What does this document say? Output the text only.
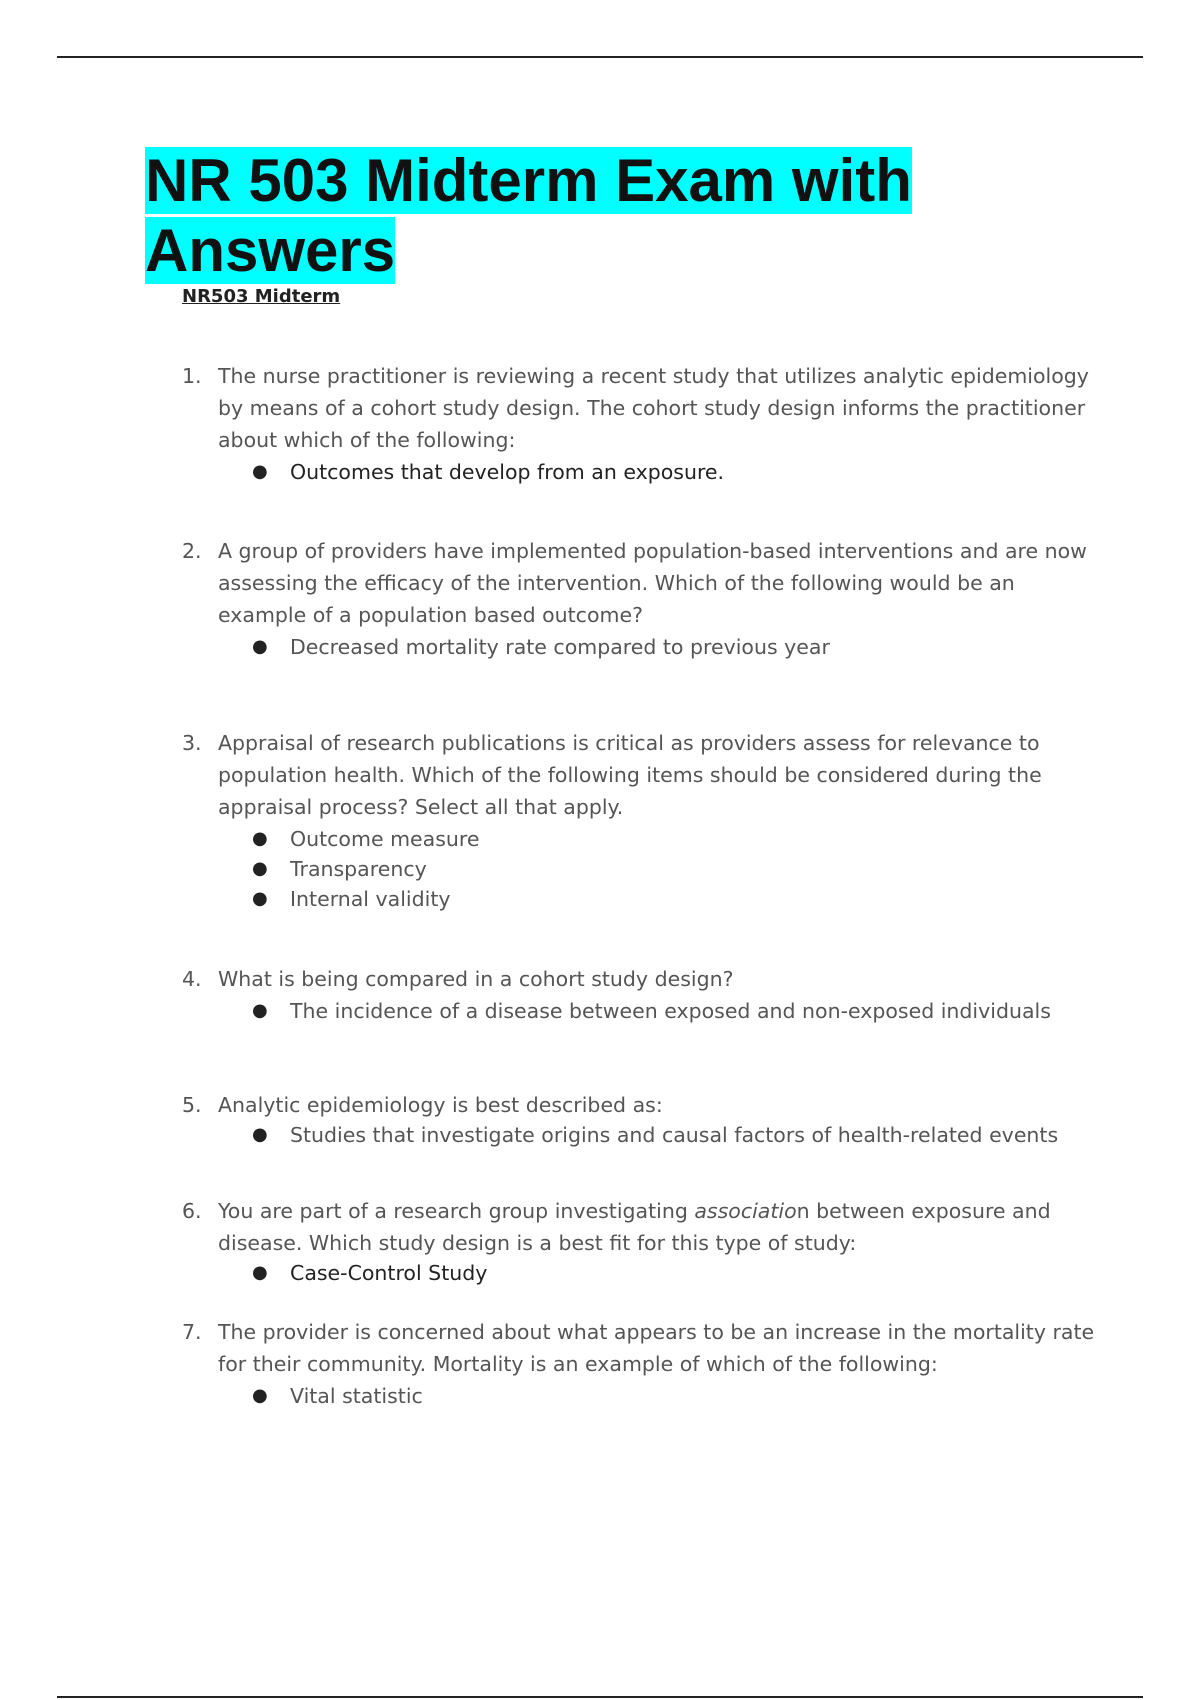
NR 503 Midterm Exam with
Answers
NR503 Midterm
1. The nurse practitioner is reviewing a recent study that utilizes analytic epidemiology by means of a cohort study design. The cohort study design informs the practitioner about which of the following:
● Outcomes that develop from an exposure.
2. A group of providers have implemented population-based interventions and are now assessing the efficacy of the intervention. Which of the following would be an example of a population based outcome?
● Decreased mortality rate compared to previous year
3. Appraisal of research publications is critical as providers assess for relevance to population health. Which of the following items should be considered during the appraisal process? Select all that apply.
● Outcome measure
● Transparency
● Internal validity
4. What is being compared in a cohort study design?
● The incidence of a disease between exposed and non-exposed individuals
5. Analytic epidemiology is best described as:
● Studies that investigate origins and causal factors of health-related events
6. You are part of a research group investigating association between exposure and disease. Which study design is a best fit for this type of study:
● Case-Control Study
7. The provider is concerned about what appears to be an increase in the mortality rate for their community. Mortality is an example of which of the following:
● Vital statistic
